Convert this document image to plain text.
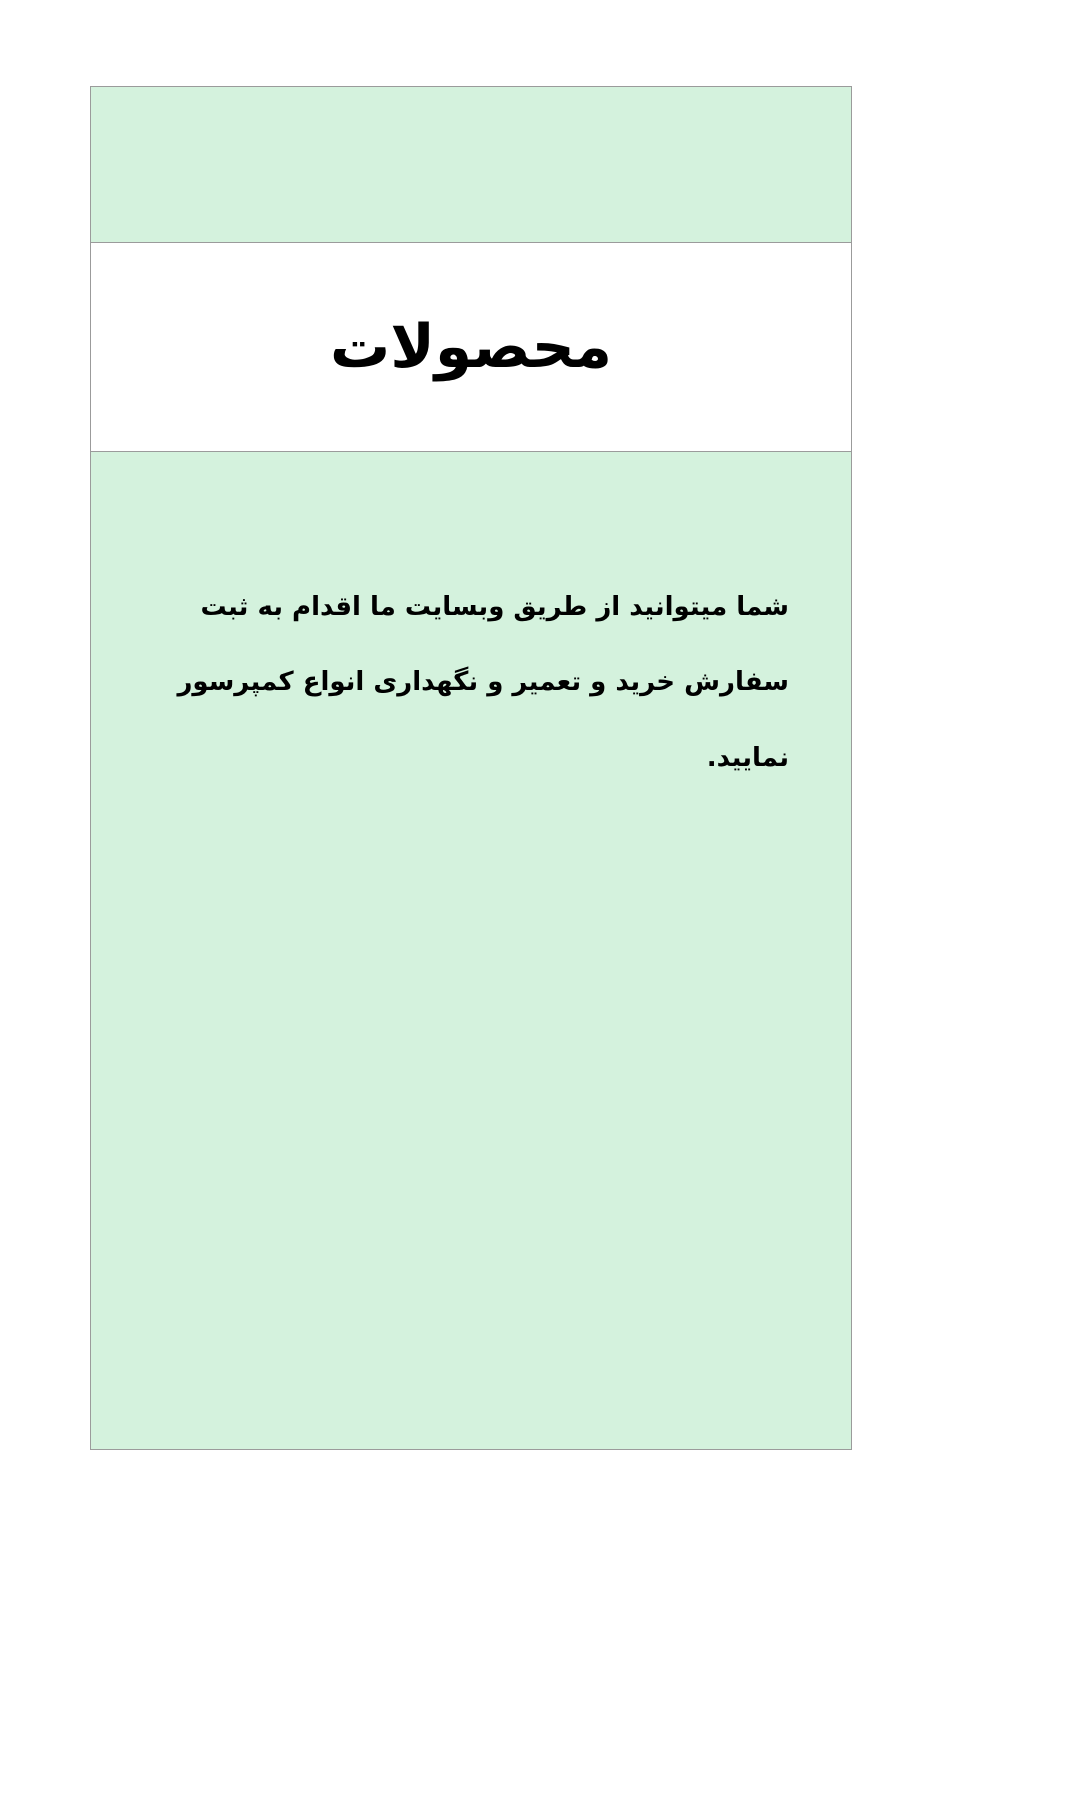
محصولات

شما میتوانید از طریق وبسایت ما اقدام به ثبت سفارش خرید و تعمیر و نگهداری انواع کمپرسور نمایید.
